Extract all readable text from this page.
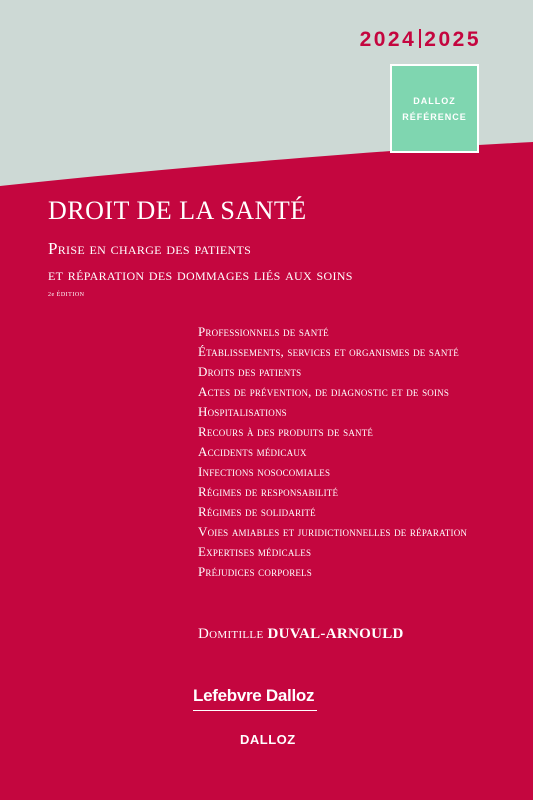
2024 2025
DALLOZ
RÉFÉRENCE
DROIT DE LA SANTÉ
Prise en charge des patients
et réparation des dommages liés aux soins
2e ÉDITION
Professionnels de santé
Établissements, services et organismes de santé
Droits des patients
Actes de prévention, de diagnostic et de soins
Hospitalisations
Recours à des produits de santé
Accidents médicaux
Infections nosocomiales
Régimes de responsabilité
Régimes de solidarité
Voies amiables et juridictionnelles de réparation
Expertises médicales
Préjudices corporels
Domitille DUVAL-ARNOULD
Lefebvre Dalloz
DALLOZ
